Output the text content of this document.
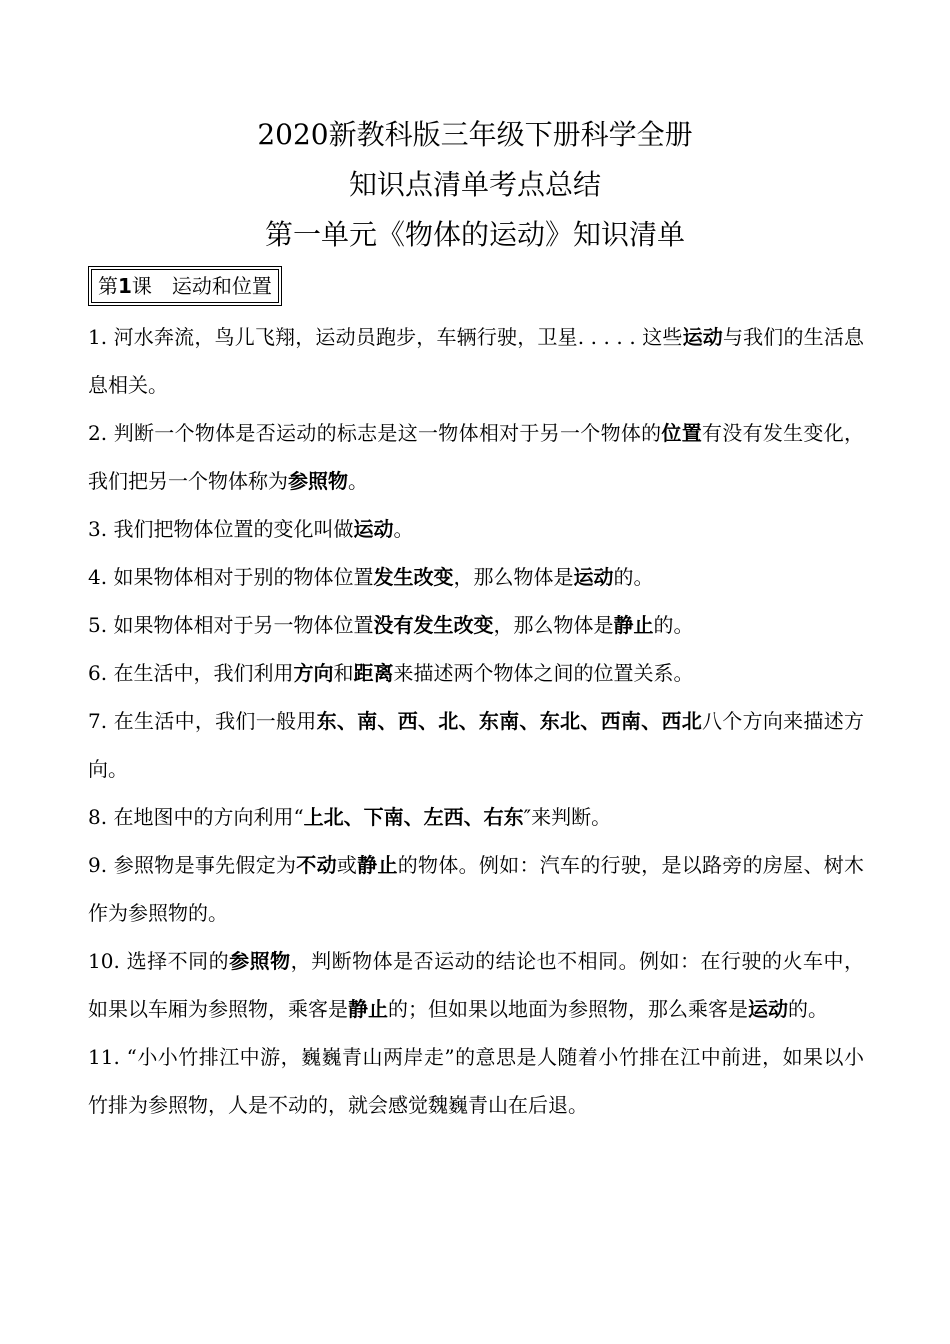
2020新教科版三年级下册科学全册
知识点清单考点总结
第一单元《物体的运动》知识清单
第1课　运动和位置

1. 河水奔流，鸟儿飞翔，运动员跑步，车辆行驶，卫星. . . . . 这些运动与我们的生活息息相关。

2. 判断一个物体是否运动的标志是这一物体相对于另一个物体的位置有没有发生变化，我们把另一个物体称为参照物。

3. 我们把物体位置的变化叫做运动。

4. 如果物体相对于别的物体位置发生改变，那么物体是运动的。

5. 如果物体相对于另一物体位置没有发生改变，那么物体是静止的。

6. 在生活中，我们利用方向和距离来描述两个物体之间的位置关系。

7. 在生活中，我们一般用东、南、西、北、东南、东北、西南、西北八个方向来描述方向。

8. 在地图中的方向利用“上北、下南、左西、右东″来判断。

9. 参照物是事先假定为不动或静止的物体。例如：汽车的行驶，是以路旁的房屋、树木作为参照物的。

10. 选择不同的参照物，判断物体是否运动的结论也不相同。例如：在行驶的火车中，如果以车厢为参照物，乘客是静止的；但如果以地面为参照物，那么乘客是运动的。

11. “小小竹排江中游，巍巍青山两岸走”的意思是人随着小竹排在江中前进，如果以小竹排为参照物，人是不动的，就会感觉魏巍青山在后退。
